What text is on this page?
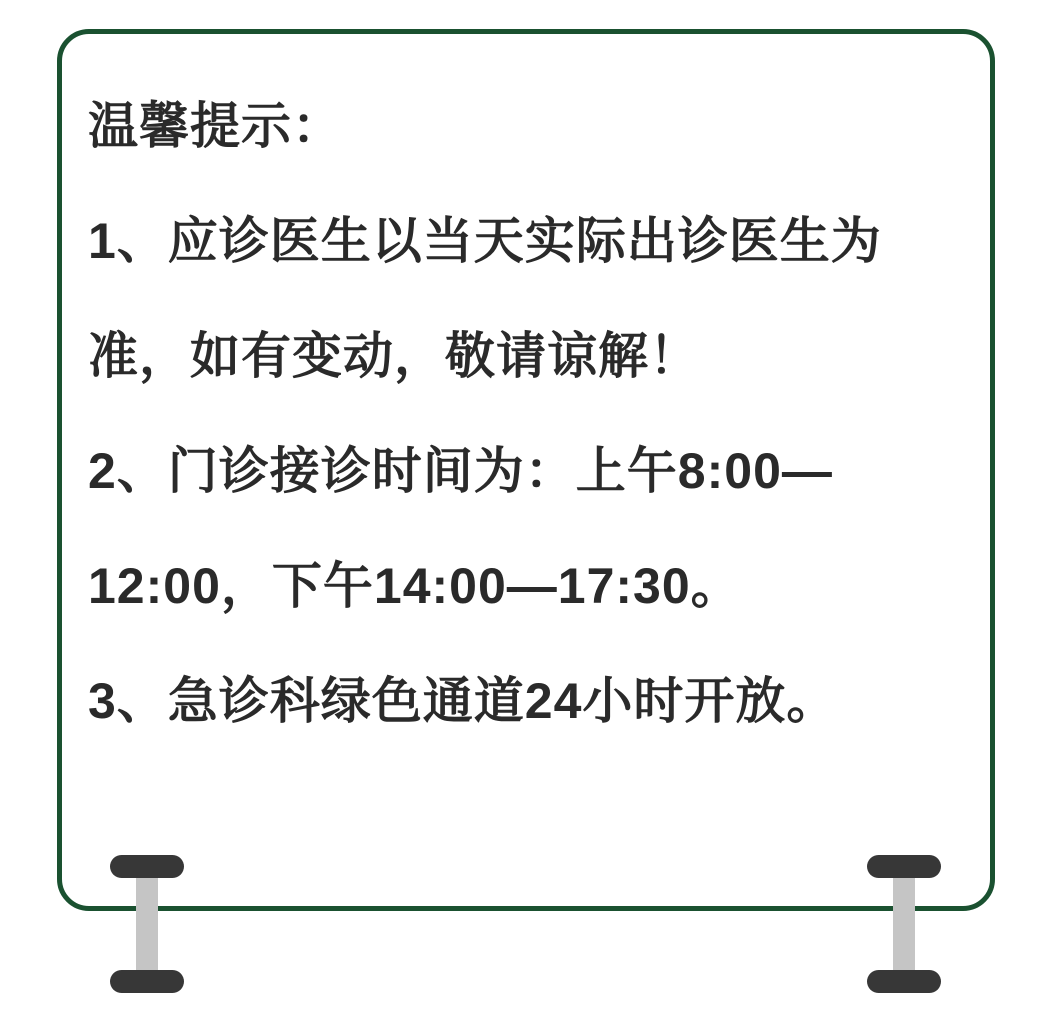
温馨提示：
1、应诊医生以当天实际出诊医生为
准，如有变动，敬请谅解！
2、门诊接诊时间为：上午8:00—
12:00，下午14:00—17:30。
3、急诊科绿色通道24小时开放。
